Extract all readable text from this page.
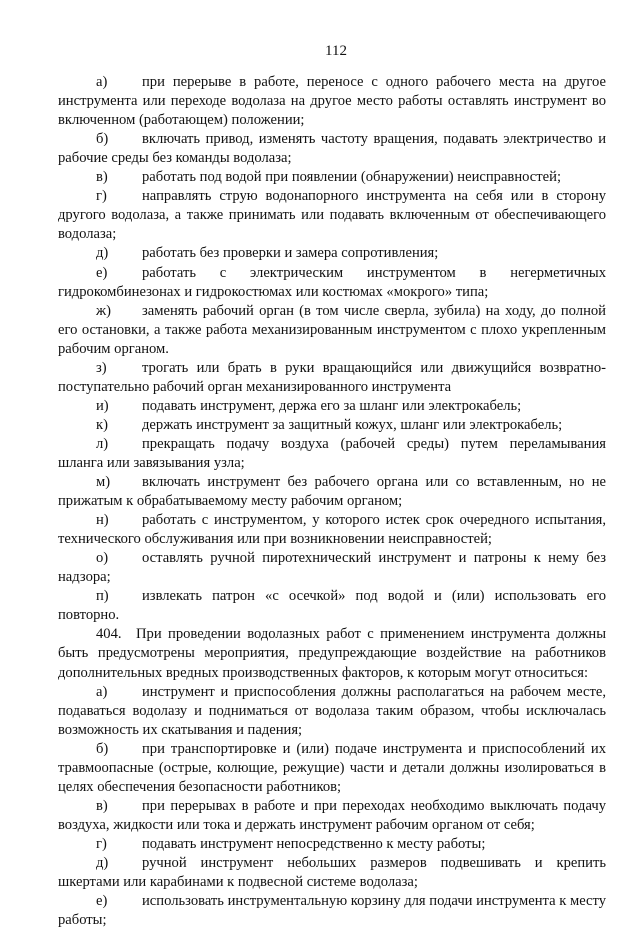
112

а) при перерыве в работе, переносе с одного рабочего места на другое инструмента или переходе водолаза на другое место работы оставлять инструмент во включенном (работающем) положении;

б) включать привод, изменять частоту вращения, подавать электричество и рабочие среды без команды водолаза;

в) работать под водой при появлении (обнаружении) неисправностей;

г) направлять струю водонапорного инструмента на себя или в сторону другого водолаза, а также принимать или подавать включенным от обеспечивающего водолаза;

д) работать без проверки и замера сопротивления;

е) работать с электрическим инструментом в негерметичных гидрокомбинезонах и гидрокостюмах или костюмах «мокрого» типа;

ж) заменять рабочий орган (в том числе сверла, зубила) на ходу, до полной его остановки, а также работа механизированным инструментом с плохо укрепленным рабочим органом.

з) трогать или брать в руки вращающийся или движущийся возвратно-поступательно рабочий орган механизированного инструмента

и) подавать инструмент, держа его за шланг или электрокабель;

к) держать инструмент за защитный кожух, шланг или электрокабель;

л) прекращать подачу воздуха (рабочей среды) путем переламывания шланга или завязывания узла;

м) включать инструмент без рабочего органа или со вставленным, но не прижатым к обрабатываемому месту рабочим органом;

н) работать с инструментом, у которого истек срок очередного испытания, технического обслуживания или при возникновении неисправностей;

о) оставлять ручной пиротехнический инструмент и патроны к нему без надзора;

п) извлекать патрон «с осечкой» под водой и (или) использовать его повторно.

404. При проведении водолазных работ с применением инструмента должны быть предусмотрены мероприятия, предупреждающие воздействие на работников дополнительных вредных производственных факторов, к которым могут относиться:

а) инструмент и приспособления должны располагаться на рабочем месте, подаваться водолазу и подниматься от водолаза таким образом, чтобы исключалась возможность их скатывания и падения;

б) при транспортировке и (или) подаче инструмента и приспособлений их травмоопасные (острые, колющие, режущие) части и детали должны изолироваться в целях обеспечения безопасности работников;

в) при перерывах в работе и при переходах необходимо выключать подачу воздуха, жидкости или тока и держать инструмент рабочим органом от себя;

г) подавать инструмент непосредственно к месту работы;

д) ручной инструмент небольших размеров подвешивать и крепить шкертами или карабинами к подвесной системе водолаза;

е) использовать инструментальную корзину для подачи инструмента к месту работы;
